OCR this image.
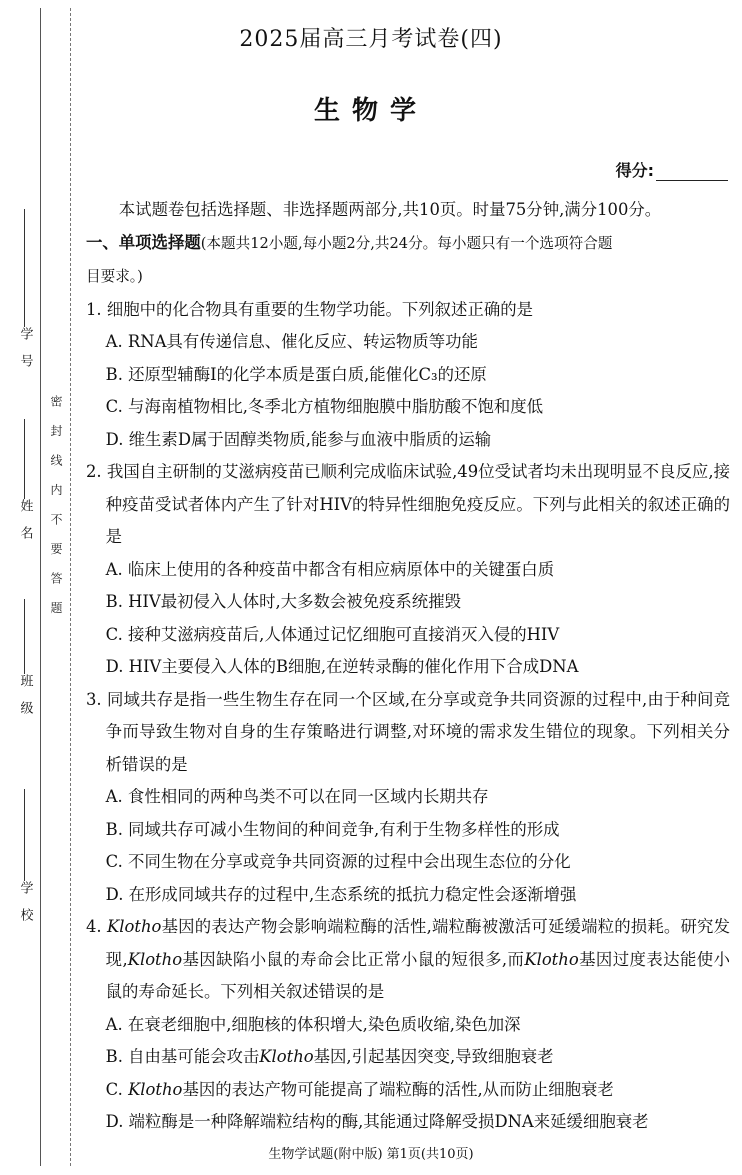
学号
姓名
班级
学校
密封线内不要答题
2025届高三月考试卷(四)
生物学
得分:

本试题卷包括选择题、非选择题两部分,共10页。时量75分钟,满分100分。

一、单项选择题(本题共12小题,每小题2分,共24分。每小题只有一个选项符合题
目要求。)

1. 细胞中的化合物具有重要的生物学功能。下列叙述正确的是

A. RNA具有传递信息、催化反应、转运物质等功能

B. 还原型辅酶Ⅰ的化学本质是蛋白质,能催化C₃的还原

C. 与海南植物相比,冬季北方植物细胞膜中脂肪酸不饱和度低

D. 维生素D属于固醇类物质,能参与血液中脂质的运输

2. 我国自主研制的艾滋病疫苗已顺利完成临床试验,49位受试者均未出现明显不良反应,接种疫苗受试者体内产生了针对HIV的特异性细胞免疫反应。下列与此相关的叙述正确的是

A. 临床上使用的各种疫苗中都含有相应病原体中的关键蛋白质

B. HIV最初侵入人体时,大多数会被免疫系统摧毁

C. 接种艾滋病疫苗后,人体通过记忆细胞可直接消灭入侵的HIV

D. HIV主要侵入人体的B细胞,在逆转录酶的催化作用下合成DNA

3. 同域共存是指一些生物生存在同一个区域,在分享或竞争共同资源的过程中,由于种间竞争而导致生物对自身的生存策略进行调整,对环境的需求发生错位的现象。下列相关分析错误的是

A. 食性相同的两种鸟类不可以在同一区域内长期共存

B. 同域共存可减小生物间的种间竞争,有利于生物多样性的形成

C. 不同生物在分享或竞争共同资源的过程中会出现生态位的分化

D. 在形成同域共存的过程中,生态系统的抵抗力稳定性会逐渐增强

4. Klotho基因的表达产物会影响端粒酶的活性,端粒酶被激活可延缓端粒的损耗。研究发现,Klotho基因缺陷小鼠的寿命会比正常小鼠的短很多,而Klotho基因过度表达能使小鼠的寿命延长。下列相关叙述错误的是

A. 在衰老细胞中,细胞核的体积增大,染色质收缩,染色加深

B. 自由基可能会攻击Klotho基因,引起基因突变,导致细胞衰老

C. Klotho基因的表达产物可能提高了端粒酶的活性,从而防止细胞衰老

D. 端粒酶是一种降解端粒结构的酶,其能通过降解受损DNA来延缓细胞衰老

生物学试题(附中版) 第1页(共10页)
